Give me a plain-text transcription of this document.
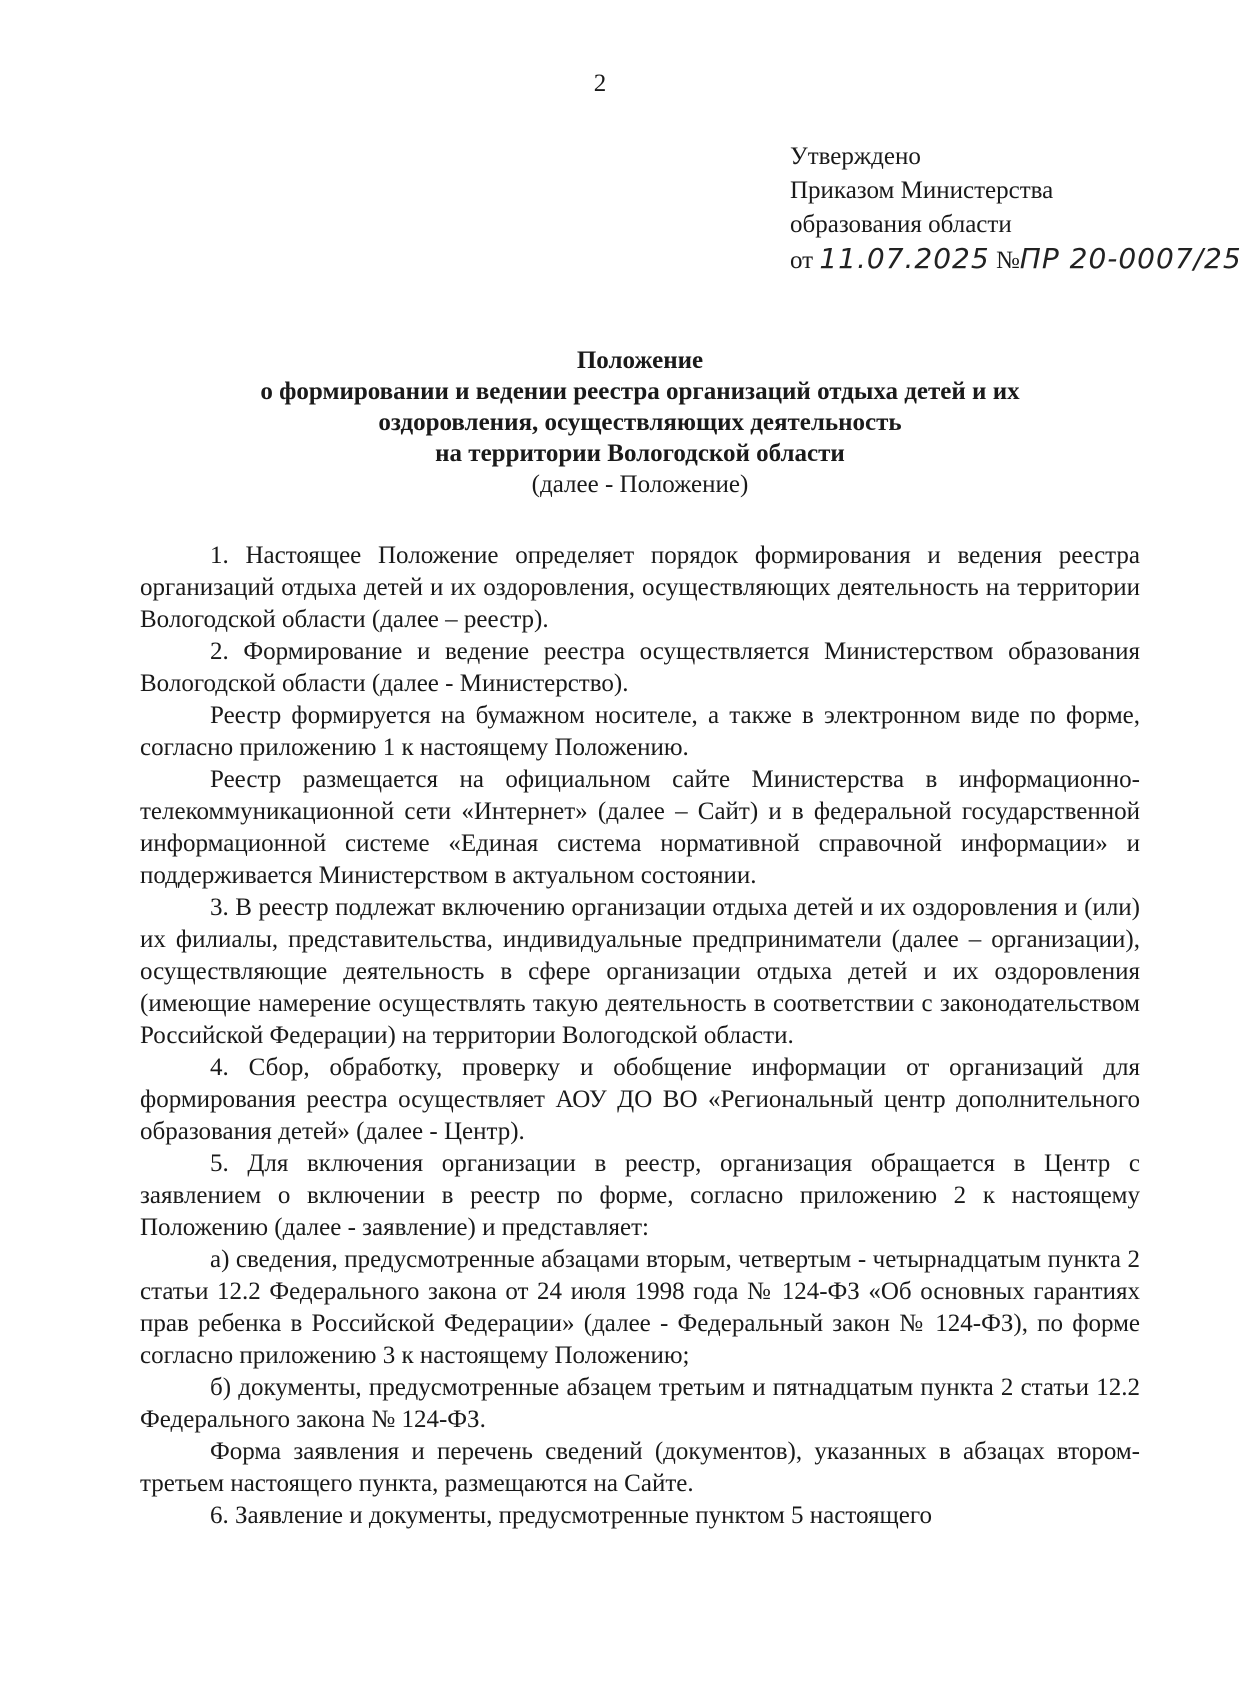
2
Утверждено
Приказом Министерства
образования области
от 11.07.2025 №ПР 20-0007/25
Положение
о формировании и ведении реестра организаций отдыха детей и их
оздоровления, осуществляющих деятельность
на территории Вологодской области
(далее - Положение)

1. Настоящее Положение определяет порядок формирования и ведения реестра организаций отдыха детей и их оздоровления, осуществляющих деятельность на территории Вологодской области (далее – реестр).

2. Формирование и ведение реестра осуществляется Министерством образования Вологодской области (далее - Министерство).

Реестр формируется на бумажном носителе, а также в электронном виде по форме, согласно приложению 1 к настоящему Положению.

Реестр размещается на официальном сайте Министерства в информационно-телекоммуникационной сети «Интернет» (далее – Сайт) и в федеральной государственной информационной системе «Единая система нормативной справочной информации» и поддерживается Министерством в актуальном состоянии.

3. В реестр подлежат включению организации отдыха детей и их оздоровления и (или) их филиалы, представительства, индивидуальные предприниматели (далее – организации), осуществляющие деятельность в сфере организации отдыха детей и их оздоровления (имеющие намерение осуществлять такую деятельность в соответствии с законодательством Российской Федерации) на территории Вологодской области.

4. Сбор, обработку, проверку и обобщение информации от организаций для формирования реестра осуществляет АОУ ДО ВО «Региональный центр дополнительного образования детей» (далее - Центр).

5. Для включения организации в реестр, организация обращается в Центр с заявлением о включении в реестр по форме, согласно приложению 2 к настоящему Положению (далее - заявление) и представляет:

а) сведения, предусмотренные абзацами вторым, четвертым - четырнадцатым пункта 2 статьи 12.2 Федерального закона от 24 июля 1998 года № 124-ФЗ «Об основных гарантиях прав ребенка в Российской Федерации» (далее - Федеральный закон № 124-ФЗ), по форме согласно приложению 3 к настоящему Положению;

б) документы, предусмотренные абзацем третьим и пятнадцатым пункта 2 статьи 12.2 Федерального закона № 124-ФЗ.

Форма заявления и перечень сведений (документов), указанных в абзацах втором-третьем настоящего пункта, размещаются на Сайте.

6. Заявление и документы, предусмотренные пунктом 5 настоящего
